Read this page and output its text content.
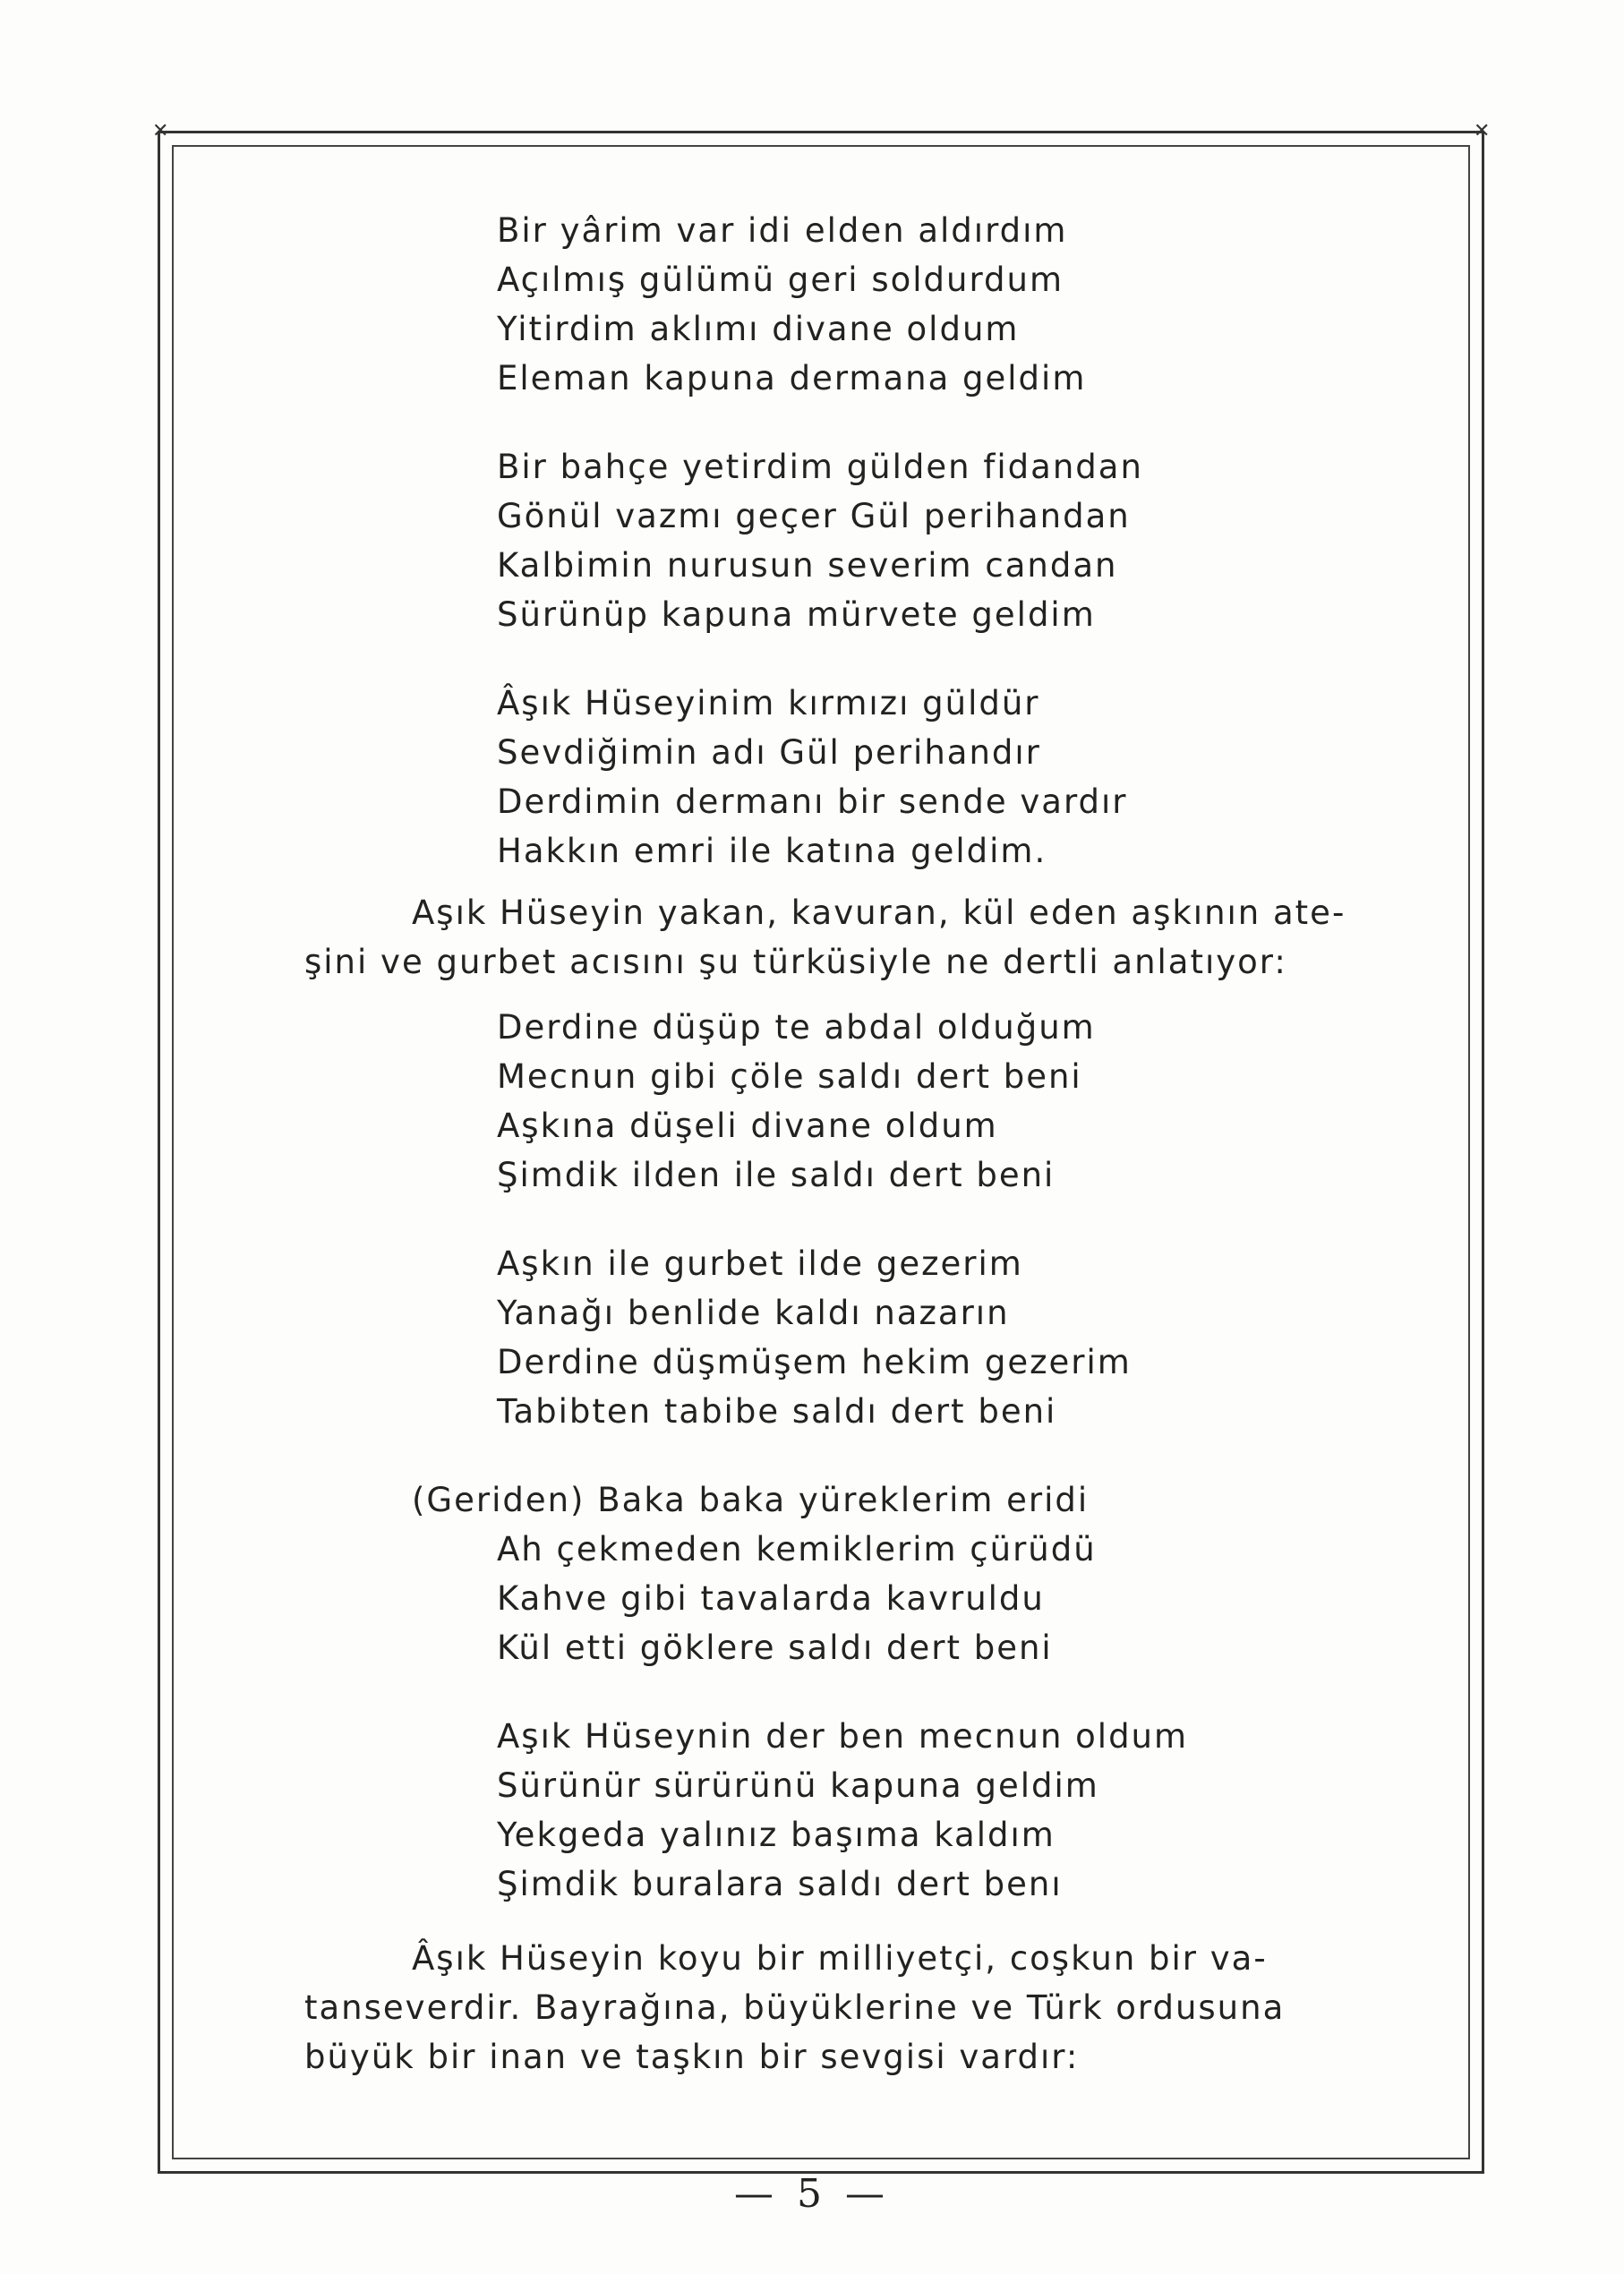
✕	✕
Bir yârim var idi elden aldırdım
Açılmış gülümü geri soldurdum
Yitirdim aklımı divane oldum
Eleman kapuna dermana geldim
Bir bahçe yetirdim gülden fidandan
Gönül vazmı geçer Gül perihandan
Kalbimin nurusun severim candan
Sürünüp kapuna mürvete geldim
Âşık Hüseyinim kırmızı güldür
Sevdiğimin adı Gül perihandır
Derdimin dermanı bir sende vardır
Hakkın emri ile katına geldim.
Aşık Hüseyin yakan, kavuran, kül eden aşkının ate-
şini ve gurbet acısını şu türküsiyle ne dertli anlatıyor:
Derdine düşüp te abdal olduğum
Mecnun gibi çöle saldı dert beni
Aşkına düşeli divane oldum
Şimdik ilden ile saldı dert beni
Aşkın ile gurbet ilde gezerim
Yanağı benlide kaldı nazarın
Derdine düşmüşem hekim gezerim
Tabibten tabibe saldı dert beni
(Geriden) Baka baka yüreklerim eridi
Ah çekmeden kemiklerim çürüdü
Kahve gibi tavalarda kavruldu
Kül etti göklere saldı dert beni
Aşık Hüseynin der ben mecnun oldum
Sürünür sürürünü kapuna geldim
Yekgeda yalınız başıma kaldım
Şimdik buralara saldı dert benı
Âşık Hüseyin koyu bir milliyetçi, coşkun bir va-
tanseverdir. Bayrağına, büyüklerine ve Türk ordusuna
büyük bir inan ve taşkın bir sevgisi vardır:
— 5 —
